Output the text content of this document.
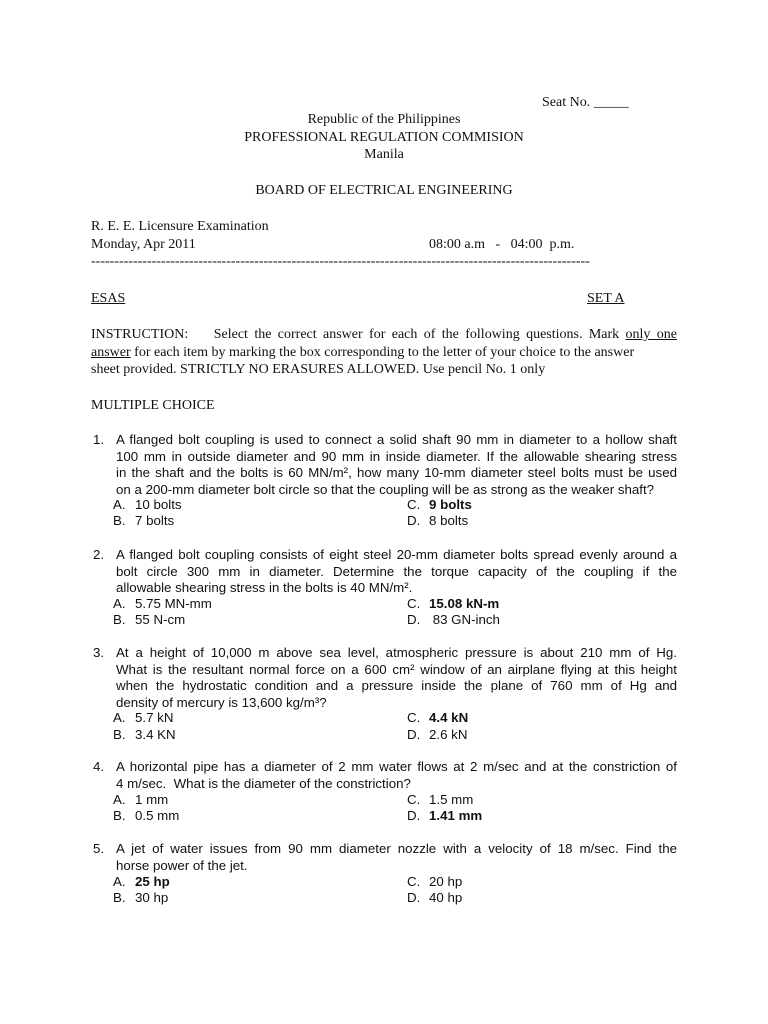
Seat No. _____
Republic of the Philippines
PROFESSIONAL REGULATION COMMISION
Manila
BOARD OF ELECTRICAL ENGINEERING
R. E. E. Licensure Examination
Monday, Apr 2011	08:00 a.m   -   04:00  p.m.
-----------------------------------------------------------------------------------------------------------
ESAS	SET A
INSTRUCTION: Select the correct answer for each of the following questions. Mark only one
answer for each item by marking the box corresponding to the letter of your choice to the answer
sheet provided. STRICTLY NO ERASURES ALLOWED. Use pencil No. 1 only
MULTIPLE CHOICE
1. A flanged bolt coupling is used to connect a solid shaft 90 mm in diameter to a hollow shaft
100 mm in outside diameter and 90 mm in inside diameter. If the allowable shearing stress
in the shaft and the bolts is 60 MN/m², how many 10-mm diameter steel bolts must be used
on a 200-mm diameter bolt circle so that the coupling will be as strong as the weaker shaft?
A. 10 bolts	C. 9 bolts
B. 7 bolts	D. 8 bolts
2. A flanged bolt coupling consists of eight steel 20-mm diameter bolts spread evenly around a
bolt circle 300 mm in diameter. Determine the torque capacity of the coupling if the
allowable shearing stress in the bolts is 40 MN/m².
A. 5.75 MN-mm	C. 15.08 kN-m
B. 55 N-cm	D. 83 GN-inch
3. At a height of 10,000 m above sea level, atmospheric pressure is about 210 mm of Hg.
What is the resultant normal force on a 600 cm² window of an airplane flying at this height
when the hydrostatic condition and a pressure inside the plane of 760 mm of Hg and
density of mercury is 13,600 kg/m³?
A. 5.7 kN	C. 4.4 kN
B. 3.4 KN	D. 2.6 kN
4. A horizontal pipe has a diameter of 2 mm water flows at 2 m/sec and at the constriction of
4 m/sec.  What is the diameter of the constriction?
A. 1 mm	C. 1.5 mm
B. 0.5 mm	D. 1.41 mm
5. A jet of water issues from 90 mm diameter nozzle with a velocity of 18 m/sec. Find the
horse power of the jet.
A. 25 hp	C. 20 hp
B. 30 hp	D. 40 hp
